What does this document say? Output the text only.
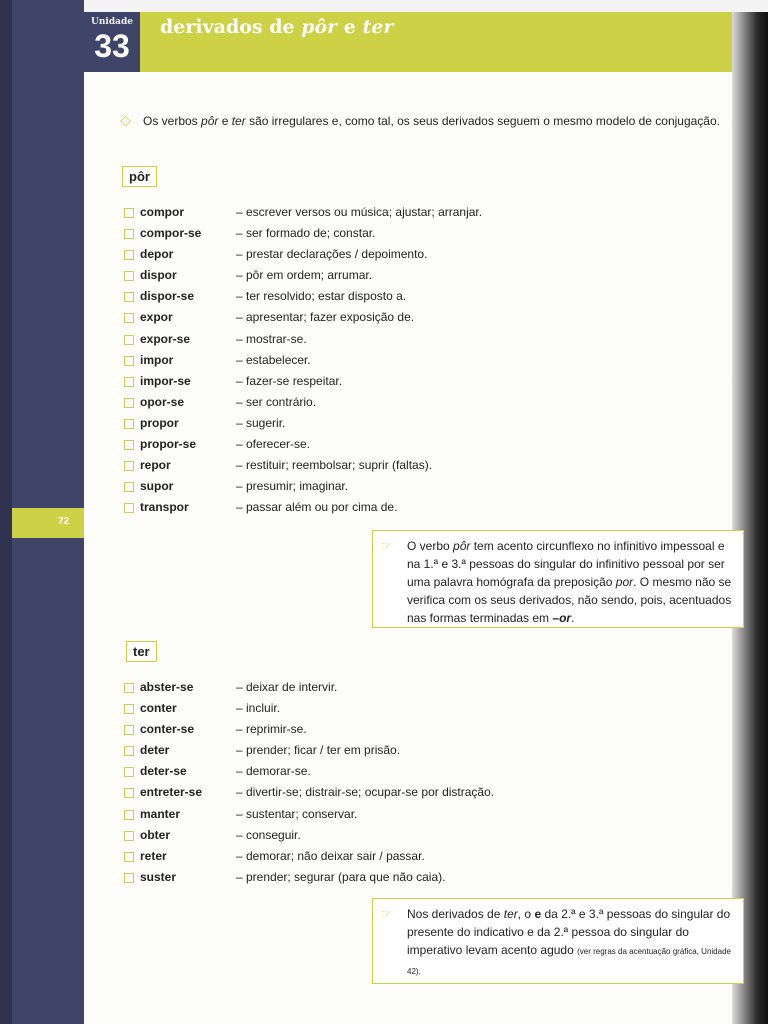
Unidade
33
derivados de pôr e ter
72
◇ Os verbos pôr e ter são irregulares e, como tal, os seus derivados seguem o mesmo modelo de conjugação.
pôr
compor	– escrever versos ou música; ajustar; arranjar.
compor-se	– ser formado de; constar.
depor	– prestar declarações / depoimento.
dispor	– pôr em ordem; arrumar.
dispor-se	– ter resolvido; estar disposto a.
expor	– apresentar; fazer exposição de.
expor-se	– mostrar-se.
impor	– estabelecer.
impor-se	– fazer-se respeitar.
opor-se	– ser contrário.
propor	– sugerir.
propor-se	– oferecer-se.
repor	– restituir; reembolsar; suprir (faltas).
supor	– presumir; imaginar.
transpor	– passar além ou por cima de.
☞ O verbo pôr tem acento circunflexo no infinitivo impessoal e na 1.ª e 3.ª pessoas do singular do infinitivo pessoal por ser uma palavra homógrafa da preposição por. O mesmo não se verifica com os seus derivados, não sendo, pois, acentuados nas formas terminadas em –or.
ter
abster-se	– deixar de intervir.
conter	– incluir.
conter-se	– reprimir-se.
deter	– prender; ficar / ter em prisão.
deter-se	– demorar-se.
entreter-se	– divertir-se; distrair-se; ocupar-se por distração.
manter	– sustentar; conservar.
obter	– conseguir.
reter	– demorar; não deixar sair / passar.
suster	– prender; segurar (para que não caia).
☞ Nos derivados de ter, o e da 2.ª e 3.ª pessoas do singular do presente do indicativo e da 2.ª pessoa do singular do imperativo levam acento agudo (ver regras da acentuação gráfica, Unidade 42).
